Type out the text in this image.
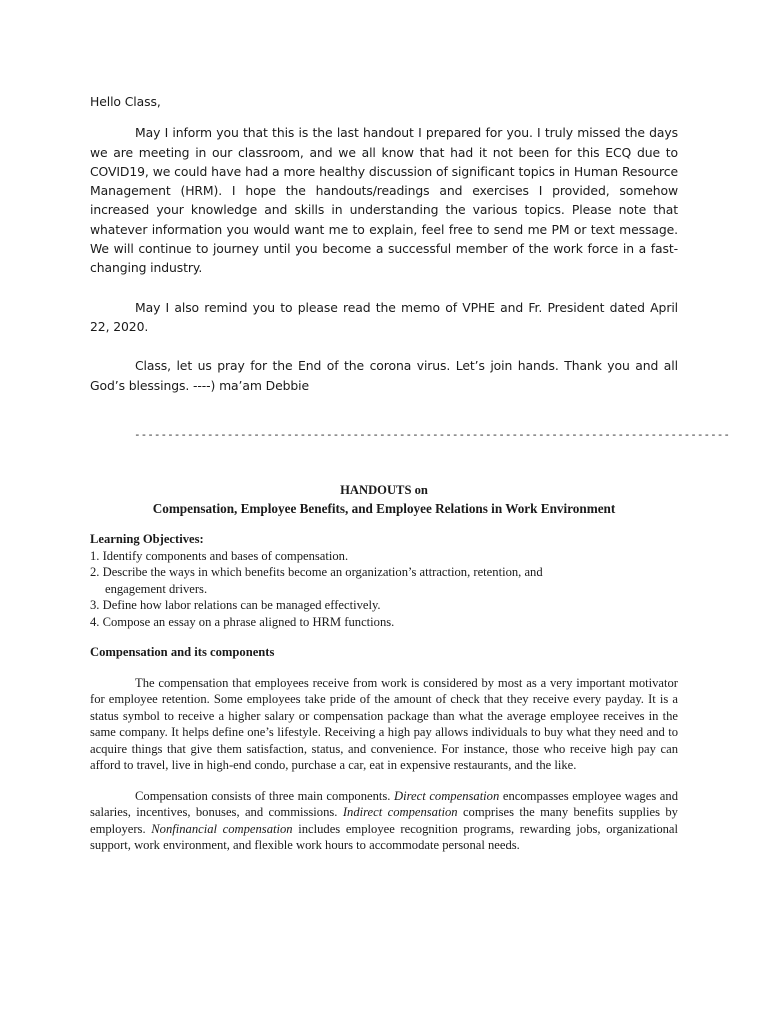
Hello Class,

May I inform you that this is the last handout I prepared for you. I truly missed the days we are meeting in our classroom, and we all know that had it not been for this ECQ due to COVID19, we could have had a more healthy discussion of significant topics in Human Resource Management (HRM). I hope the handouts/readings and exercises I provided, somehow increased your knowledge and skills in understanding the various topics. Please note that whatever information you would want me to explain, feel free to send me PM or text message. We will continue to journey until you become a successful member of the work force in a fast-changing industry.

May I also remind you to please read the memo of VPHE and Fr. President dated April 22, 2020.

Class, let us pray for the End of the corona virus. Let’s join hands. Thank you and all God’s blessings. ----) ma’am Debbie

------------------------------------------------------------------------------------------
HANDOUTS on
Compensation, Employee Benefits, and Employee Relations in Work Environment
Learning Objectives:
1. Identify components and bases of compensation.
2. Describe the ways in which benefits become an organization’s attraction, retention, and
engagement drivers.
3. Define how labor relations can be managed effectively.
4. Compose an essay on a phrase aligned to HRM functions.
Compensation and its components

The compensation that employees receive from work is considered by most as a very important motivator for employee retention. Some employees take pride of the amount of check that they receive every payday. It is a status symbol to receive a higher salary or compensation package than what the average employee receives in the same company. It helps define one’s lifestyle. Receiving a high pay allows individuals to buy what they need and to acquire things that give them satisfaction, status, and convenience. For instance, those who receive high pay can afford to travel, live in high-end condo, purchase a car, eat in expensive restaurants, and the like.

Compensation consists of three main components. Direct compensation encompasses employee wages and salaries, incentives, bonuses, and commissions. Indirect compensation comprises the many benefits supplies by employers. Nonfinancial compensation includes employee recognition programs, rewarding jobs, organizational support, work environment, and flexible work hours to accommodate personal needs.
